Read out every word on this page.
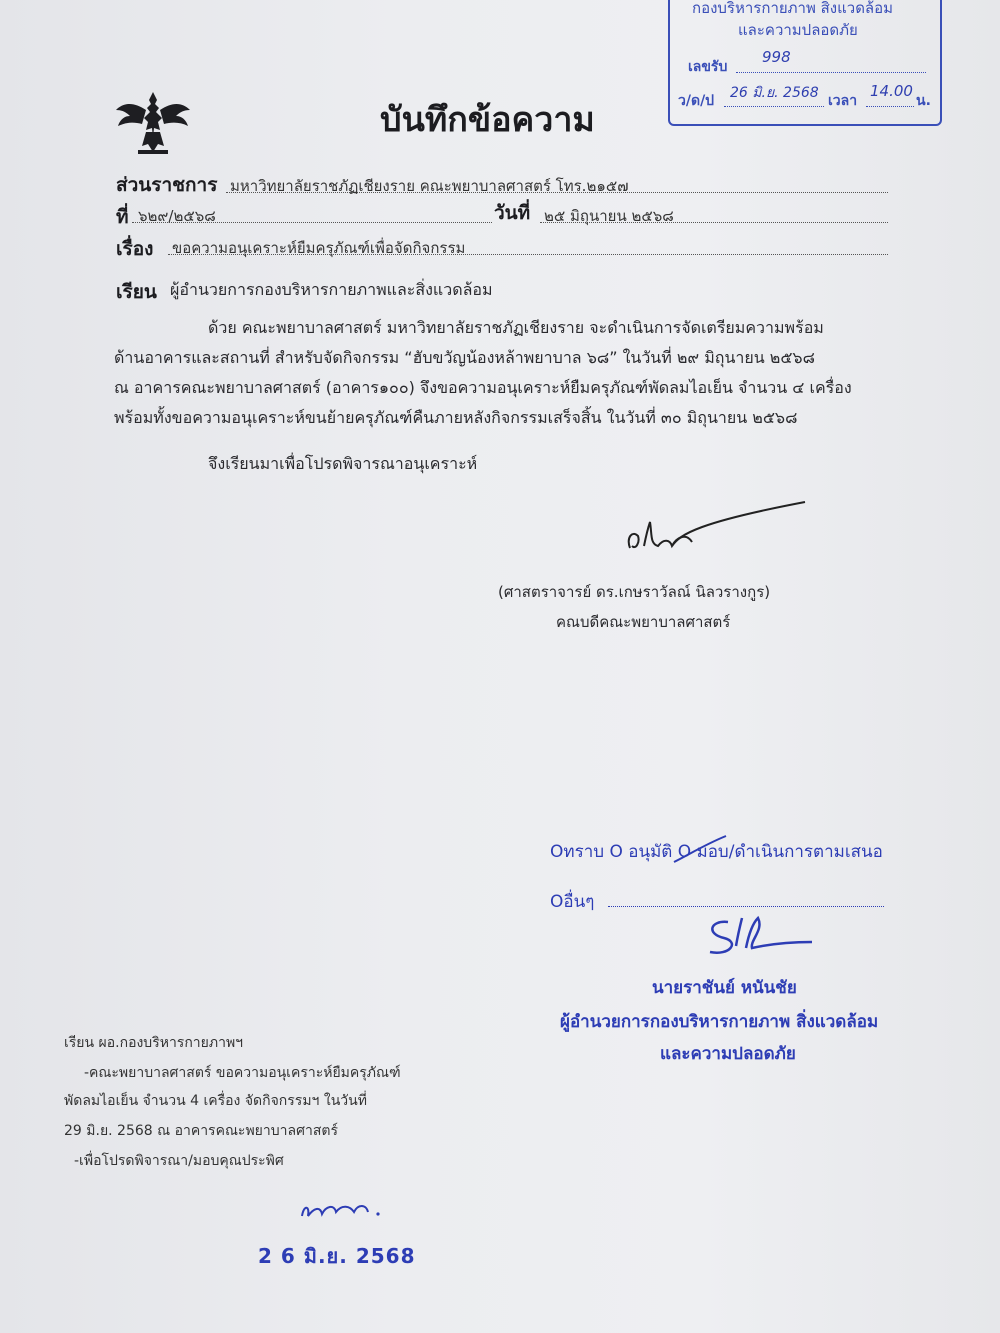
กองบริหารกายภาพ สิ่งแวดล้อม
และความปลอดภัย
เลขรับ
998
ว/ด/ป 26 มิ.ย. 2568 เวลา
14.00
น.
บันทึกข้อความ
ส่วนราชการ มหาวิทยาลัยราชภัฏเชียงราย คณะพยาบาลศาสตร์ โทร.๒๑๕๗
ที่ ๖๒๙/๒๕๖๘	วันที่ ๒๕ มิถุนายน ๒๕๖๘
เรื่อง ขอความอนุเคราะห์ยืมครุภัณฑ์เพื่อจัดกิจกรรม
เรียน ผู้อำนวยการกองบริหารกายภาพและสิ่งแวดล้อม
ด้วย คณะพยาบาลศาสตร์ มหาวิทยาลัยราชภัฏเชียงราย จะดำเนินการจัดเตรียมความพร้อม
ด้านอาคารและสถานที่ สำหรับจัดกิจกรรม “ฮับขวัญน้องหล้าพยาบาล ๖๘” ในวันที่ ๒๙ มิถุนายน ๒๕๖๘
ณ อาคารคณะพยาบาลศาสตร์ (อาคาร๑๐๐) จึงขอความอนุเคราะห์ยืมครุภัณฑ์พัดลมไอเย็น จำนวน ๔ เครื่อง
พร้อมทั้งขอความอนุเคราะห์ขนย้ายครุภัณฑ์คืนภายหลังกิจกรรมเสร็จสิ้น ในวันที่ ๓๐ มิถุนายน ๒๕๖๘
จึงเรียนมาเพื่อโปรดพิจารณาอนุเคราะห์
(ศาสตราจารย์ ดร.เกษราวัลณ์ นิลวรางกูร)
คณบดีคณะพยาบาลศาสตร์
Oทราบ O อนุมัติ O มอบ/ดำเนินการตามเสนอ
Oอื่นๆ
นายราชันย์ หนันชัย
ผู้อำนวยการกองบริหารกายภาพ สิ่งแวดล้อม
และความปลอดภัย
เรียน ผอ.กองบริหารกายภาพฯ
-คณะพยาบาลศาสตร์ ขอความอนุเคราะห์ยืมครุภัณฑ์
พัดลมไอเย็น จำนวน 4 เครื่อง จัดกิจกรรมฯ ในวันที่
29 มิ.ย. 2568 ณ อาคารคณะพยาบาลศาสตร์
-เพื่อโปรดพิจารณา/มอบคุณประพิศ
2 6 มิ.ย. 2568
